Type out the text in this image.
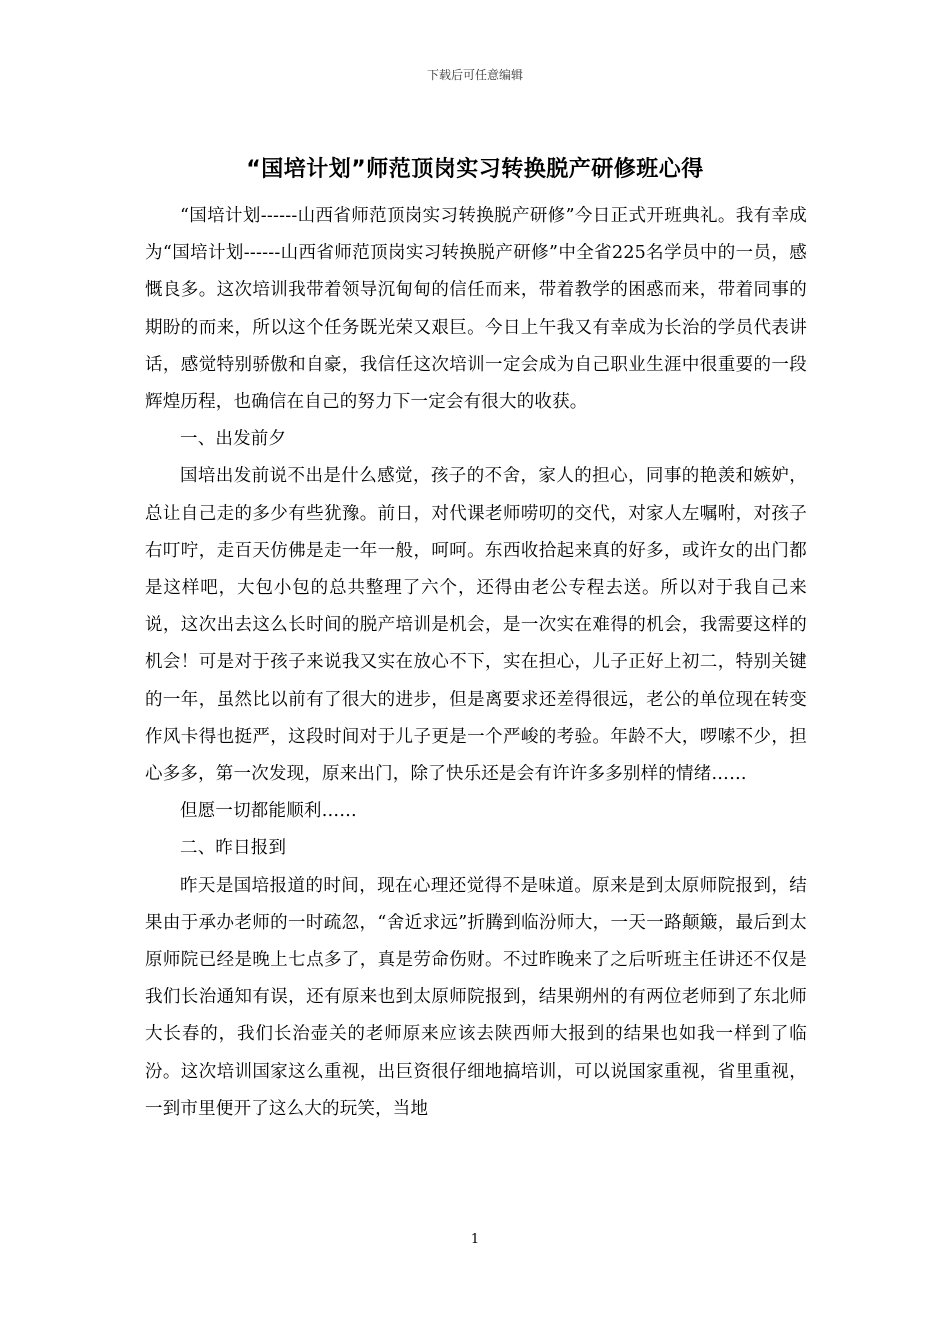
下载后可任意编辑
“国培计划”师范顶岗实习转换脱产研修班心得

“国培计划------山西省师范顶岗实习转换脱产研修”今日正式开班典礼。我有幸成为“国培计划------山西省师范顶岗实习转换脱产研修”中全省225名学员中的一员，感慨良多。这次培训我带着领导沉甸甸的信任而来，带着教学的困惑而来，带着同事的期盼的而来，所以这个任务既光荣又艰巨。今日上午我又有幸成为长治的学员代表讲话，感觉特别骄傲和自豪，我信任这次培训一定会成为自己职业生涯中很重要的一段辉煌历程，也确信在自己的努力下一定会有很大的收获。

一、出发前夕

国培出发前说不出是什么感觉，孩子的不舍，家人的担心，同事的艳羡和嫉妒，总让自己走的多少有些犹豫。前日，对代课老师唠叨的交代，对家人左嘱咐，对孩子右叮咛，走百天仿佛是走一年一般，呵呵。东西收拾起来真的好多，或许女的出门都是这样吧，大包小包的总共整理了六个，还得由老公专程去送。所以对于我自己来说，这次出去这么长时间的脱产培训是机会，是一次实在难得的机会，我需要这样的机会！可是对于孩子来说我又实在放心不下，实在担心，儿子正好上初二，特别关键的一年，虽然比以前有了很大的进步，但是离要求还差得很远，老公的单位现在转变作风卡得也挺严，这段时间对于儿子更是一个严峻的考验。年龄不大，啰嗦不少，担心多多，第一次发现，原来出门，除了快乐还是会有许许多多别样的情绪……

但愿一切都能顺利……

二、昨日报到

昨天是国培报道的时间，现在心理还觉得不是味道。原来是到太原师院报到，结果由于承办老师的一时疏忽，“舍近求远”折腾到临汾师大，一天一路颠簸，最后到太原师院已经是晚上七点多了，真是劳命伤财。不过昨晚来了之后听班主任讲还不仅是我们长治通知有误，还有原来也到太原师院报到，结果朔州的有两位老师到了东北师大长春的，我们长治壶关的老师原来应该去陕西师大报到的结果也如我一样到了临汾。这次培训国家这么重视，出巨资很仔细地搞培训，可以说国家重视，省里重视，一到市里便开了这么大的玩笑，当地

1
